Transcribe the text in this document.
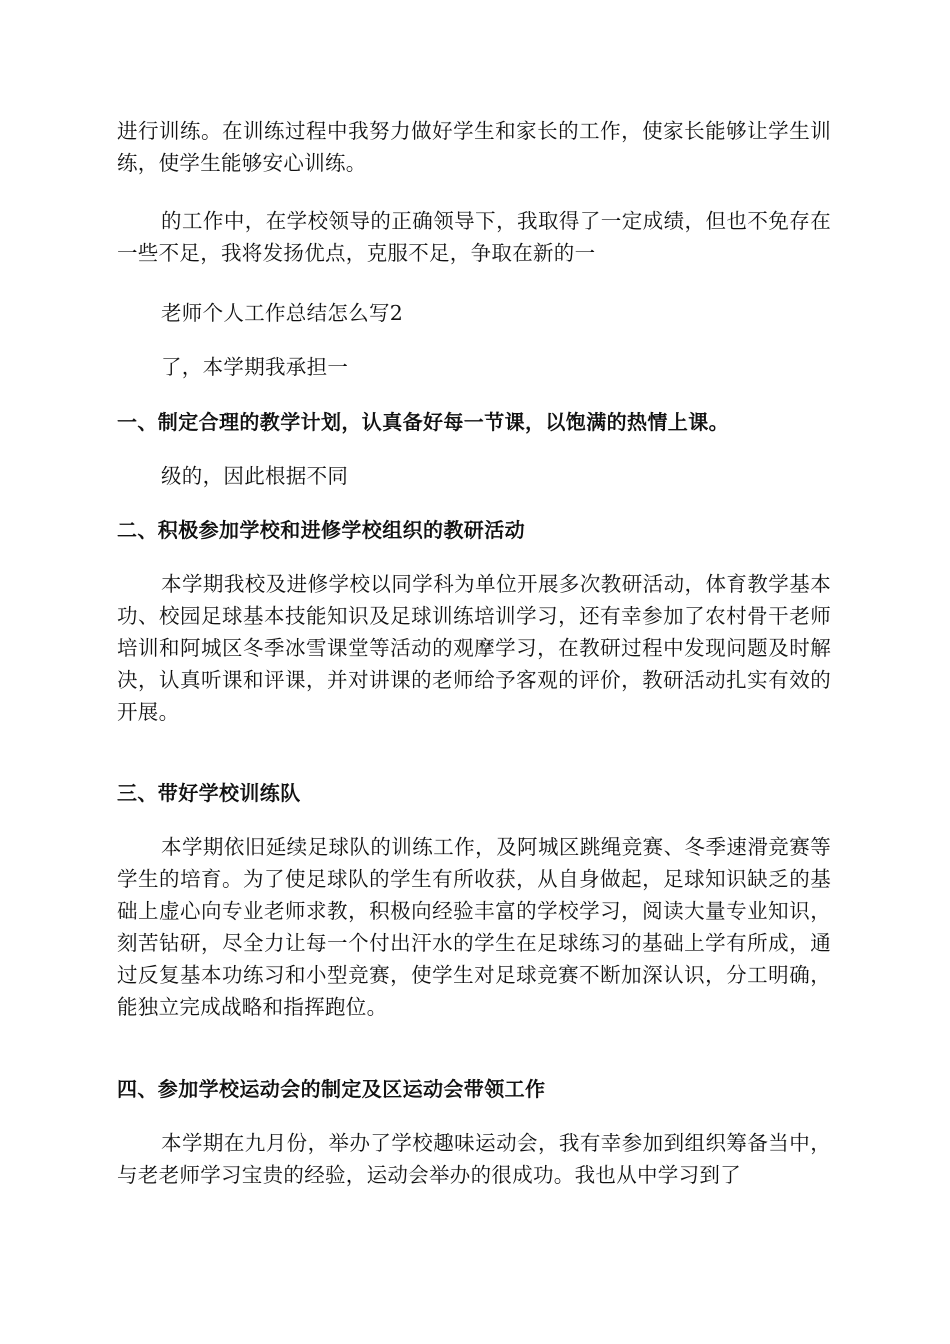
进行训练。在训练过程中我努力做好学生和家长的工作，使家长能够让学生训练，使学生能够安心训练。

的工作中，在学校领导的正确领导下，我取得了一定成绩，但也不免存在一些不足，我将发扬优点，克服不足，争取在新的一

老师个人工作总结怎么写2

了，本学期我承担一

一、制定合理的教学计划，认真备好每一节课，以饱满的热情上课。

级的，因此根据不同

二、积极参加学校和进修学校组织的教研活动

本学期我校及进修学校以同学科为单位开展多次教研活动，体育教学基本功、校园足球基本技能知识及足球训练培训学习，还有幸参加了农村骨干老师培训和阿城区冬季冰雪课堂等活动的观摩学习，在教研过程中发现问题及时解决，认真听课和评课，并对讲课的老师给予客观的评价，教研活动扎实有效的开展。

三、带好学校训练队

本学期依旧延续足球队的训练工作，及阿城区跳绳竞赛、冬季速滑竞赛等学生的培育。为了使足球队的学生有所收获，从自身做起，足球知识缺乏的基础上虚心向专业老师求教，积极向经验丰富的学校学习，阅读大量专业知识，刻苦钻研，尽全力让每一个付出汗水的学生在足球练习的基础上学有所成，通过反复基本功练习和小型竞赛，使学生对足球竞赛不断加深认识，分工明确，能独立完成战略和指挥跑位。

四、参加学校运动会的制定及区运动会带领工作

本学期在九月份，举办了学校趣味运动会，我有幸参加到组织筹备当中，与老老师学习宝贵的经验，运动会举办的很成功。我也从中学习到了
